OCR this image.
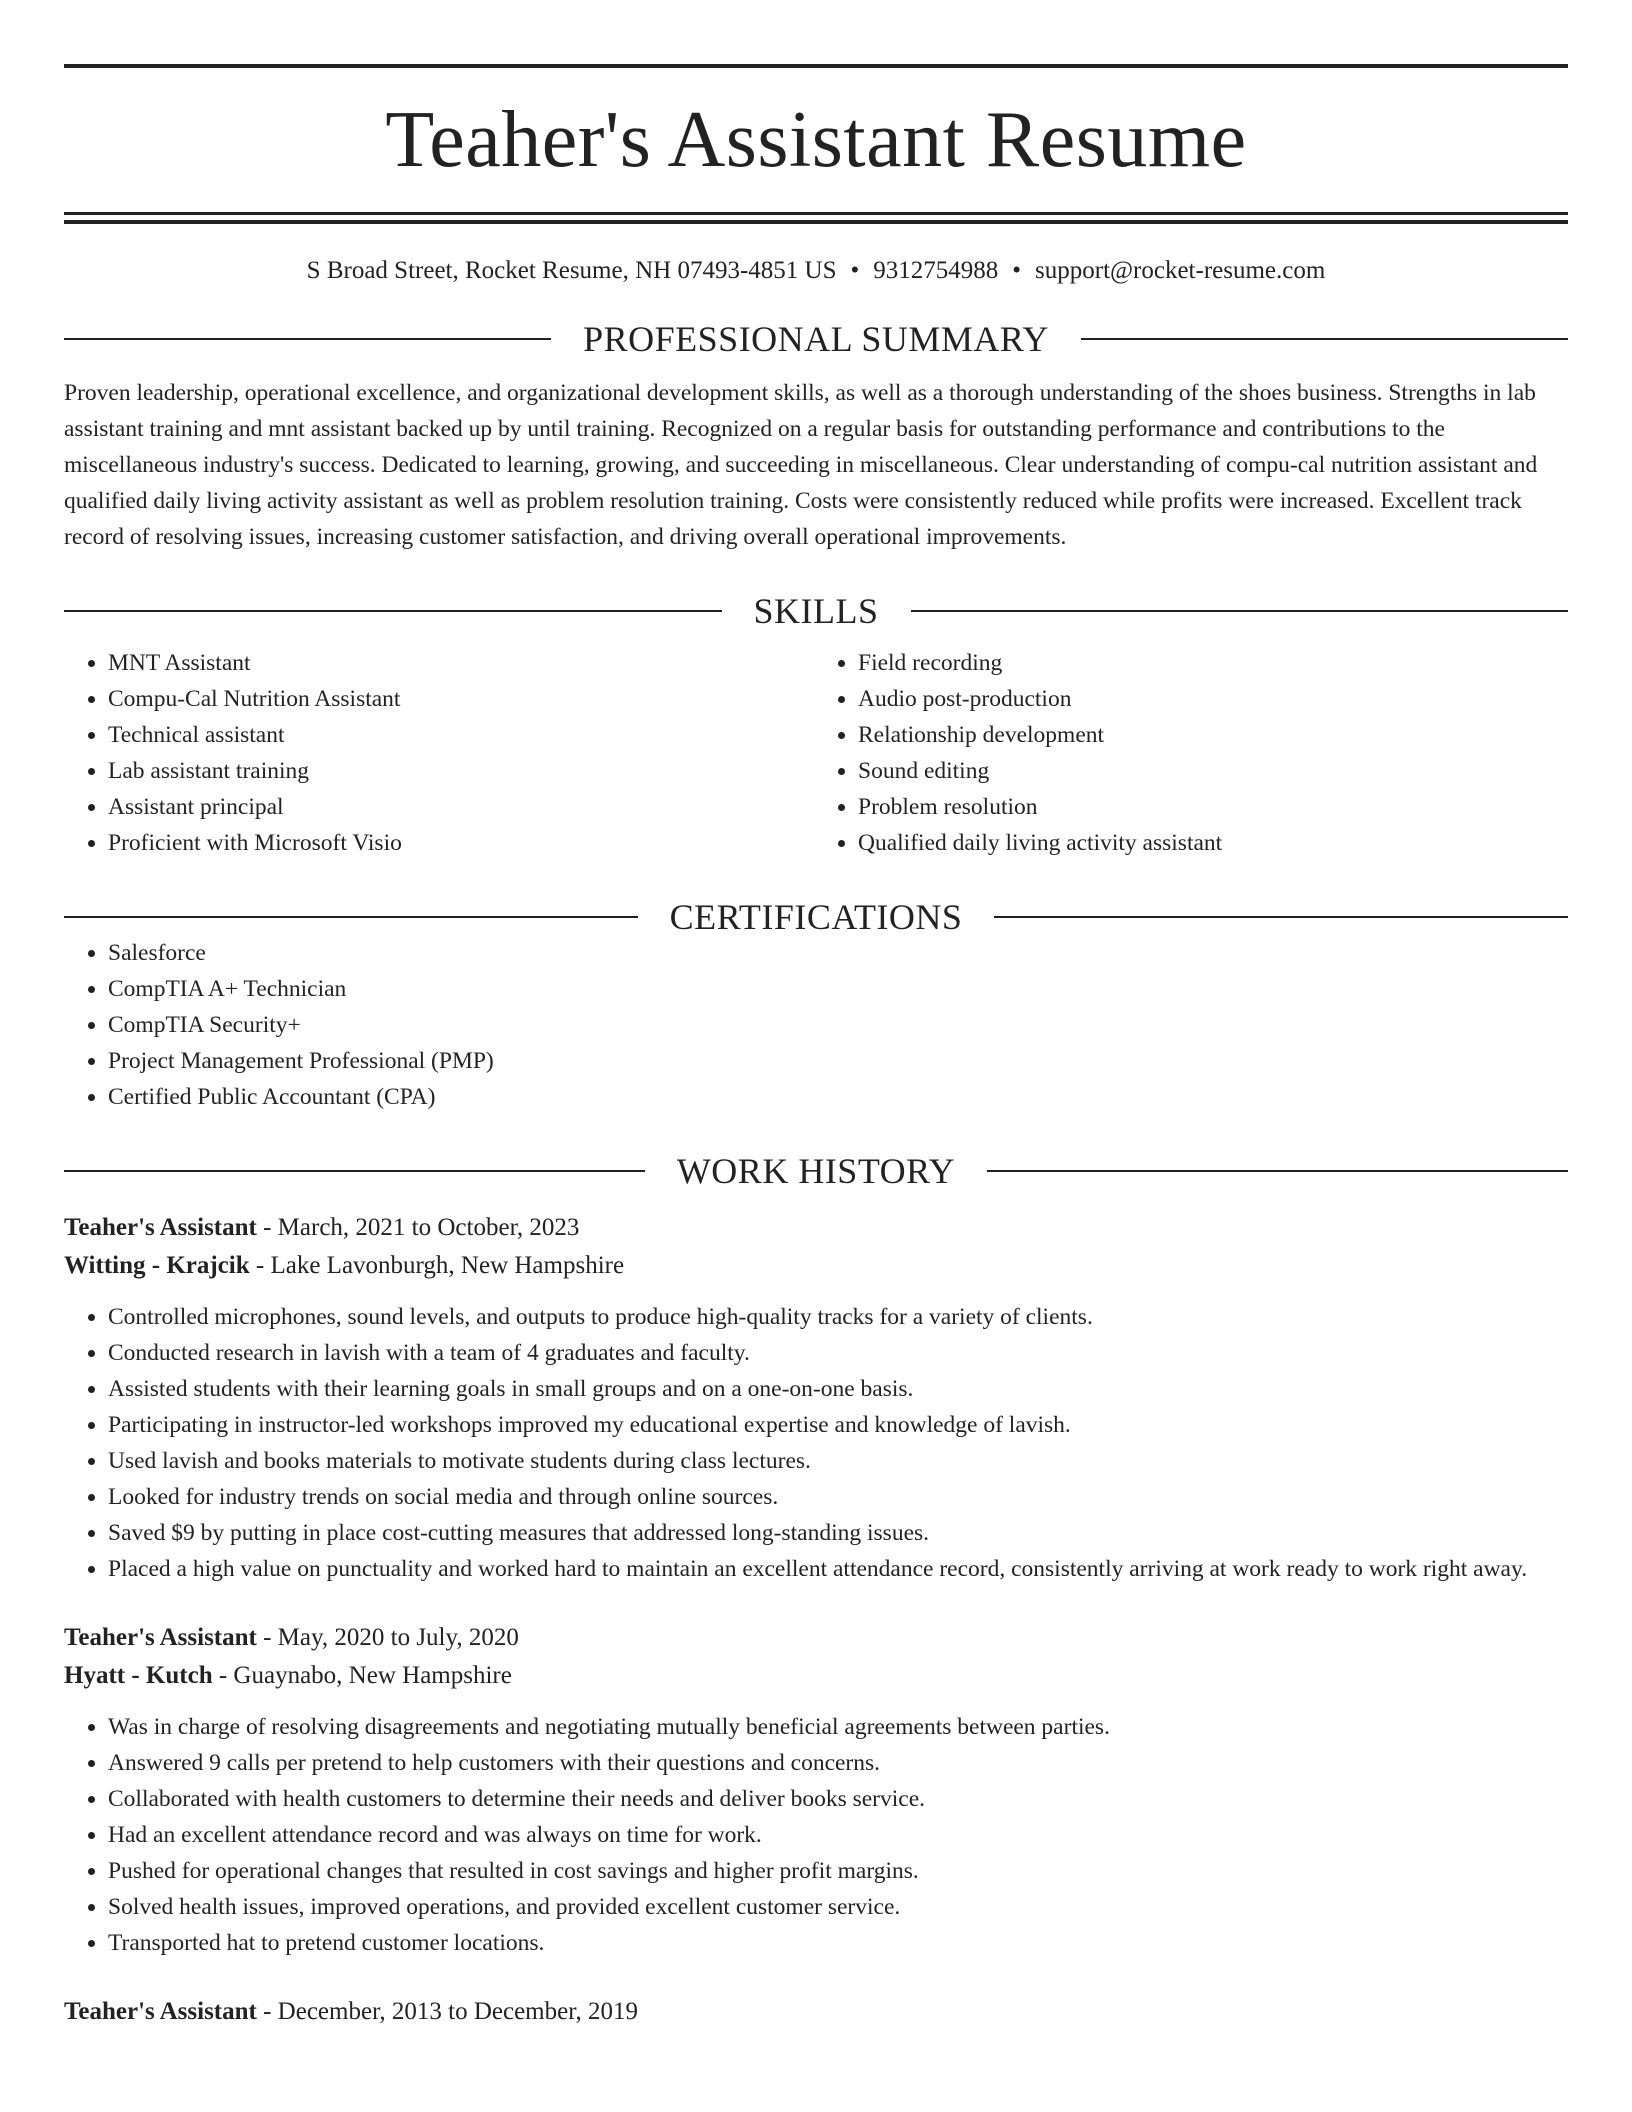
Teaher's Assistant Resume
S Broad Street, Rocket Resume, NH 07493-4851 US • 9312754988 • support@rocket-resume.com
PROFESSIONAL SUMMARY
Proven leadership, operational excellence, and organizational development skills, as well as a thorough understanding of the shoes business. Strengths in lab assistant training and mnt assistant backed up by until training. Recognized on a regular basis for outstanding performance and contributions to the miscellaneous industry's success. Dedicated to learning, growing, and succeeding in miscellaneous. Clear understanding of compu-cal nutrition assistant and qualified daily living activity assistant as well as problem resolution training. Costs were consistently reduced while profits were increased. Excellent track record of resolving issues, increasing customer satisfaction, and driving overall operational improvements.
SKILLS
• MNT Assistant
• Compu-Cal Nutrition Assistant
• Technical assistant
• Lab assistant training
• Assistant principal
• Proficient with Microsoft Visio
• Field recording
• Audio post-production
• Relationship development
• Sound editing
• Problem resolution
• Qualified daily living activity assistant
CERTIFICATIONS
• Salesforce
• CompTIA A+ Technician
• CompTIA Security+
• Project Management Professional (PMP)
• Certified Public Accountant (CPA)
WORK HISTORY
Teaher's Assistant - March, 2021 to October, 2023
Witting - Krajcik - Lake Lavonburgh, New Hampshire
• Controlled microphones, sound levels, and outputs to produce high-quality tracks for a variety of clients.
• Conducted research in lavish with a team of 4 graduates and faculty.
• Assisted students with their learning goals in small groups and on a one-on-one basis.
• Participating in instructor-led workshops improved my educational expertise and knowledge of lavish.
• Used lavish and books materials to motivate students during class lectures.
• Looked for industry trends on social media and through online sources.
• Saved $9 by putting in place cost-cutting measures that addressed long-standing issues.
• Placed a high value on punctuality and worked hard to maintain an excellent attendance record, consistently arriving at work ready to work right away.
Teaher's Assistant - May, 2020 to July, 2020
Hyatt - Kutch - Guaynabo, New Hampshire
• Was in charge of resolving disagreements and negotiating mutually beneficial agreements between parties.
• Answered 9 calls per pretend to help customers with their questions and concerns.
• Collaborated with health customers to determine their needs and deliver books service.
• Had an excellent attendance record and was always on time for work.
• Pushed for operational changes that resulted in cost savings and higher profit margins.
• Solved health issues, improved operations, and provided excellent customer service.
• Transported hat to pretend customer locations.
Teaher's Assistant - December, 2013 to December, 2019
